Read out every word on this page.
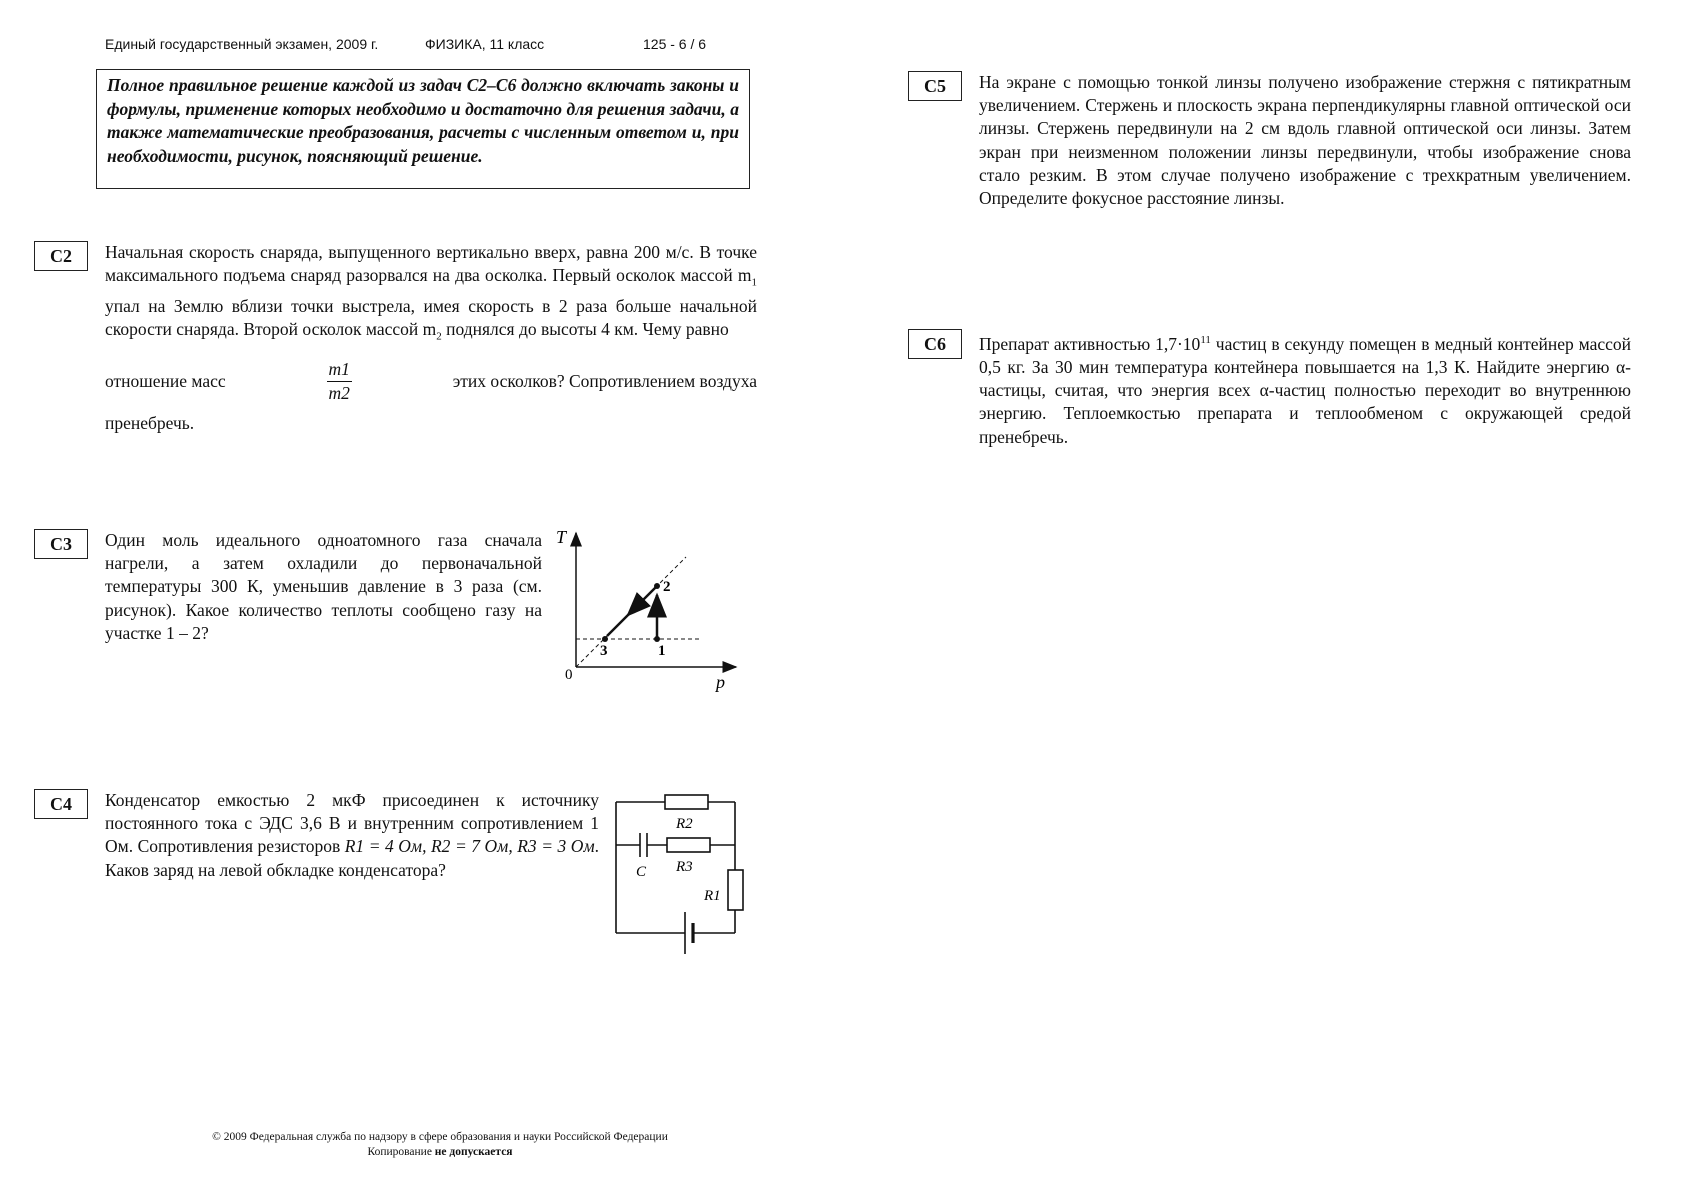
Единый государственный экзамен, 2009 г.	ФИЗИКА, 11 класс	125 - 6 / 6
Полное правильное решение каждой из задач С2–С6 должно включать законы и формулы, применение которых необходимо и достаточно для решения задачи, а также математические преобразования, расчеты с численным ответом и, при необходимости, рисунок, поясняющий решение.
C2	Начальная скорость снаряда, выпущенного вертикально вверх, равна 200 м/с. В точке максимального подъема снаряд разорвался на два осколка. Первый осколок массой $m_1$ упал на Землю вблизи точки выстрела, имея скорость в 2 раза больше начальной скорости снаряда. Второй осколок массой $m_2$ поднялся до высоты 4 км. Чему равно
отношение масс	$\frac{m1}{m2}$	этих осколков? Сопротивлением воздуха
пренебречь.
C3	Один моль идеального одноатомного газа сначала нагрели, а затем охладили до первоначальной температуры 300 К, уменьшив давление в 3 раза (см. рисунок). Какое количество теплоты сообщено газу на участке 1 – 2?
T
p
0
1
2
3
C4	Конденсатор емкостью 2 мкФ присоединен к источнику постоянного тока с ЭДС 3,6 В и внутренним сопротивлением 1 Ом. Сопротивления резисторов R1 = 4 Ом, R2 = 7 Ом, R3 = 3 Ом. Каков заряд на левой обкладке конденсатора?
R2
R3
C
R1
C5	На экране с помощью тонкой линзы получено изображение стержня с пятикратным увеличением. Стержень и плоскость экрана перпендикулярны главной оптической оси линзы. Стержень передвинули на 2 см вдоль главной оптической оси линзы. Затем экран при неизменном положении линзы передвинули, чтобы изображение снова стало резким. В этом случае получено изображение с трехкратным увеличением. Определите фокусное расстояние линзы.
C6	Препарат активностью $1,7\cdot 10^{11}$ частиц в секунду помещен в медный контейнер массой 0,5 кг. За 30 мин температура контейнера повышается на 1,3 К. Найдите энергию α-частицы, считая, что энергия всех α-частиц полностью переходит во внутреннюю энергию. Теплоемкостью препарата и теплообменом с окружающей средой пренебречь.
© 2009 Федеральная служба по надзору в сфере образования и науки Российской Федерации
Копирование не допускается
